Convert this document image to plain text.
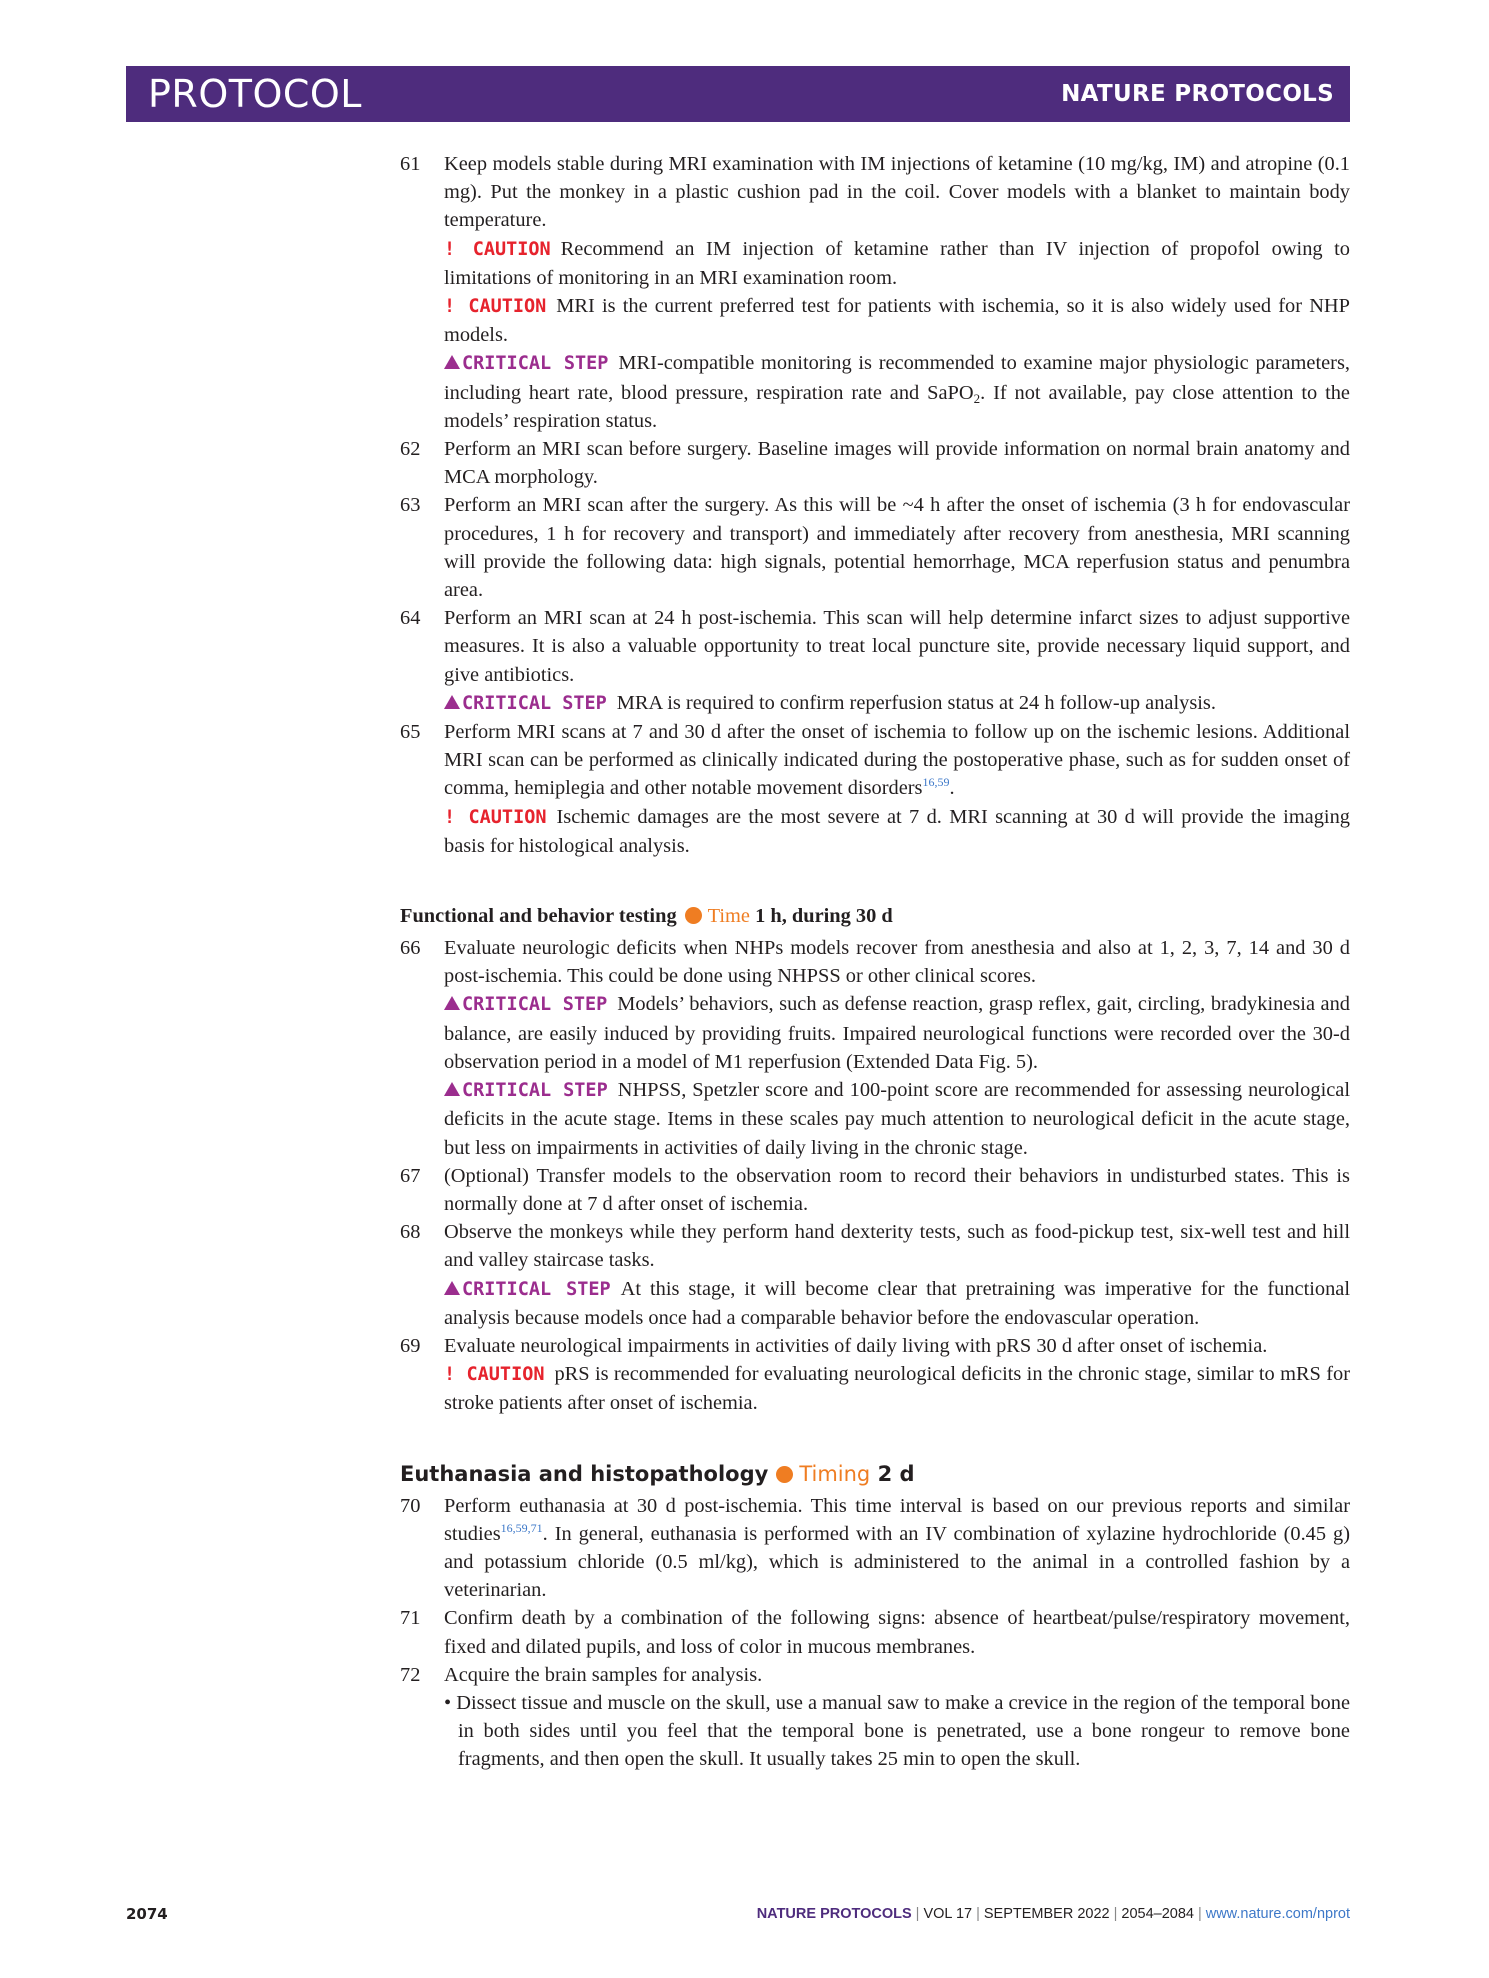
PROTOCOL	NATURE PROTOCOLS
61 Keep models stable during MRI examination with IM injections of ketamine (10 mg/kg, IM) and atropine (0.1 mg). Put the monkey in a plastic cushion pad in the coil. Cover models with a blanket to maintain body temperature.
! CAUTION Recommend an IM injection of ketamine rather than IV injection of propofol owing to limitations of monitoring in an MRI examination room.
! CAUTION MRI is the current preferred test for patients with ischemia, so it is also widely used for NHP models.
CRITICAL STEP MRI-compatible monitoring is recommended to examine major physiologic parameters, including heart rate, blood pressure, respiration rate and SaPO$_2$. If not available, pay close attention to the models’ respiration status.
62 Perform an MRI scan before surgery. Baseline images will provide information on normal brain anatomy and MCA morphology.
63 Perform an MRI scan after the surgery. As this will be ~4 h after the onset of ischemia (3 h for endovascular procedures, 1 h for recovery and transport) and immediately after recovery from anesthesia, MRI scanning will provide the following data: high signals, potential hemorrhage, MCA reperfusion status and penumbra area.
64 Perform an MRI scan at 24 h post-ischemia. This scan will help determine infarct sizes to adjust supportive measures. It is also a valuable opportunity to treat local puncture site, provide necessary liquid support, and give antibiotics.
CRITICAL STEP MRA is required to confirm reperfusion status at 24 h follow-up analysis.
65 Perform MRI scans at 7 and 30 d after the onset of ischemia to follow up on the ischemic lesions. Additional MRI scan can be performed as clinically indicated during the postoperative phase, such as for sudden onset of comma, hemiplegia and other notable movement disorders$^{16,59}$.
! CAUTION Ischemic damages are the most severe at 7 d. MRI scanning at 30 d will provide the imaging basis for histological analysis.
Functional and behavior testing Time 1 h, during 30 d
66 Evaluate neurologic deficits when NHPs models recover from anesthesia and also at 1, 2, 3, 7, 14 and 30 d post-ischemia. This could be done using NHPSS or other clinical scores.
CRITICAL STEP Models’ behaviors, such as defense reaction, grasp reflex, gait, circling, bradykinesia and balance, are easily induced by providing fruits. Impaired neurological functions were recorded over the 30-d observation period in a model of M1 reperfusion (Extended Data Fig. 5).
CRITICAL STEP NHPSS, Spetzler score and 100-point score are recommended for assessing neurological deficits in the acute stage. Items in these scales pay much attention to neurological deficit in the acute stage, but less on impairments in activities of daily living in the chronic stage.
67 (Optional) Transfer models to the observation room to record their behaviors in undisturbed states. This is normally done at 7 d after onset of ischemia.
68 Observe the monkeys while they perform hand dexterity tests, such as food-pickup test, six-well test and hill and valley staircase tasks.
CRITICAL STEP At this stage, it will become clear that pretraining was imperative for the functional analysis because models once had a comparable behavior before the endovascular operation.
69 Evaluate neurological impairments in activities of daily living with pRS 30 d after onset of ischemia.
! CAUTION pRS is recommended for evaluating neurological deficits in the chronic stage, similar to mRS for stroke patients after onset of ischemia.
Euthanasia and histopathology Timing 2 d
70 Perform euthanasia at 30 d post-ischemia. This time interval is based on our previous reports and similar studies$^{16,59,71}$. In general, euthanasia is performed with an IV combination of xylazine hydrochloride (0.45 g) and potassium chloride (0.5 ml/kg), which is administered to the animal in a controlled fashion by a veterinarian.
71 Confirm death by a combination of the following signs: absence of heartbeat/pulse/respiratory movement, fixed and dilated pupils, and loss of color in mucous membranes.
72 Acquire the brain samples for analysis.
• Dissect tissue and muscle on the skull, use a manual saw to make a crevice in the region of the temporal bone in both sides until you feel that the temporal bone is penetrated, use a bone rongeur to remove bone fragments, and then open the skull. It usually takes 25 min to open the skull.
2074	NATURE PROTOCOLS | VOL 17 | SEPTEMBER 2022 | 2054–2084 | www.nature.com/nprot
